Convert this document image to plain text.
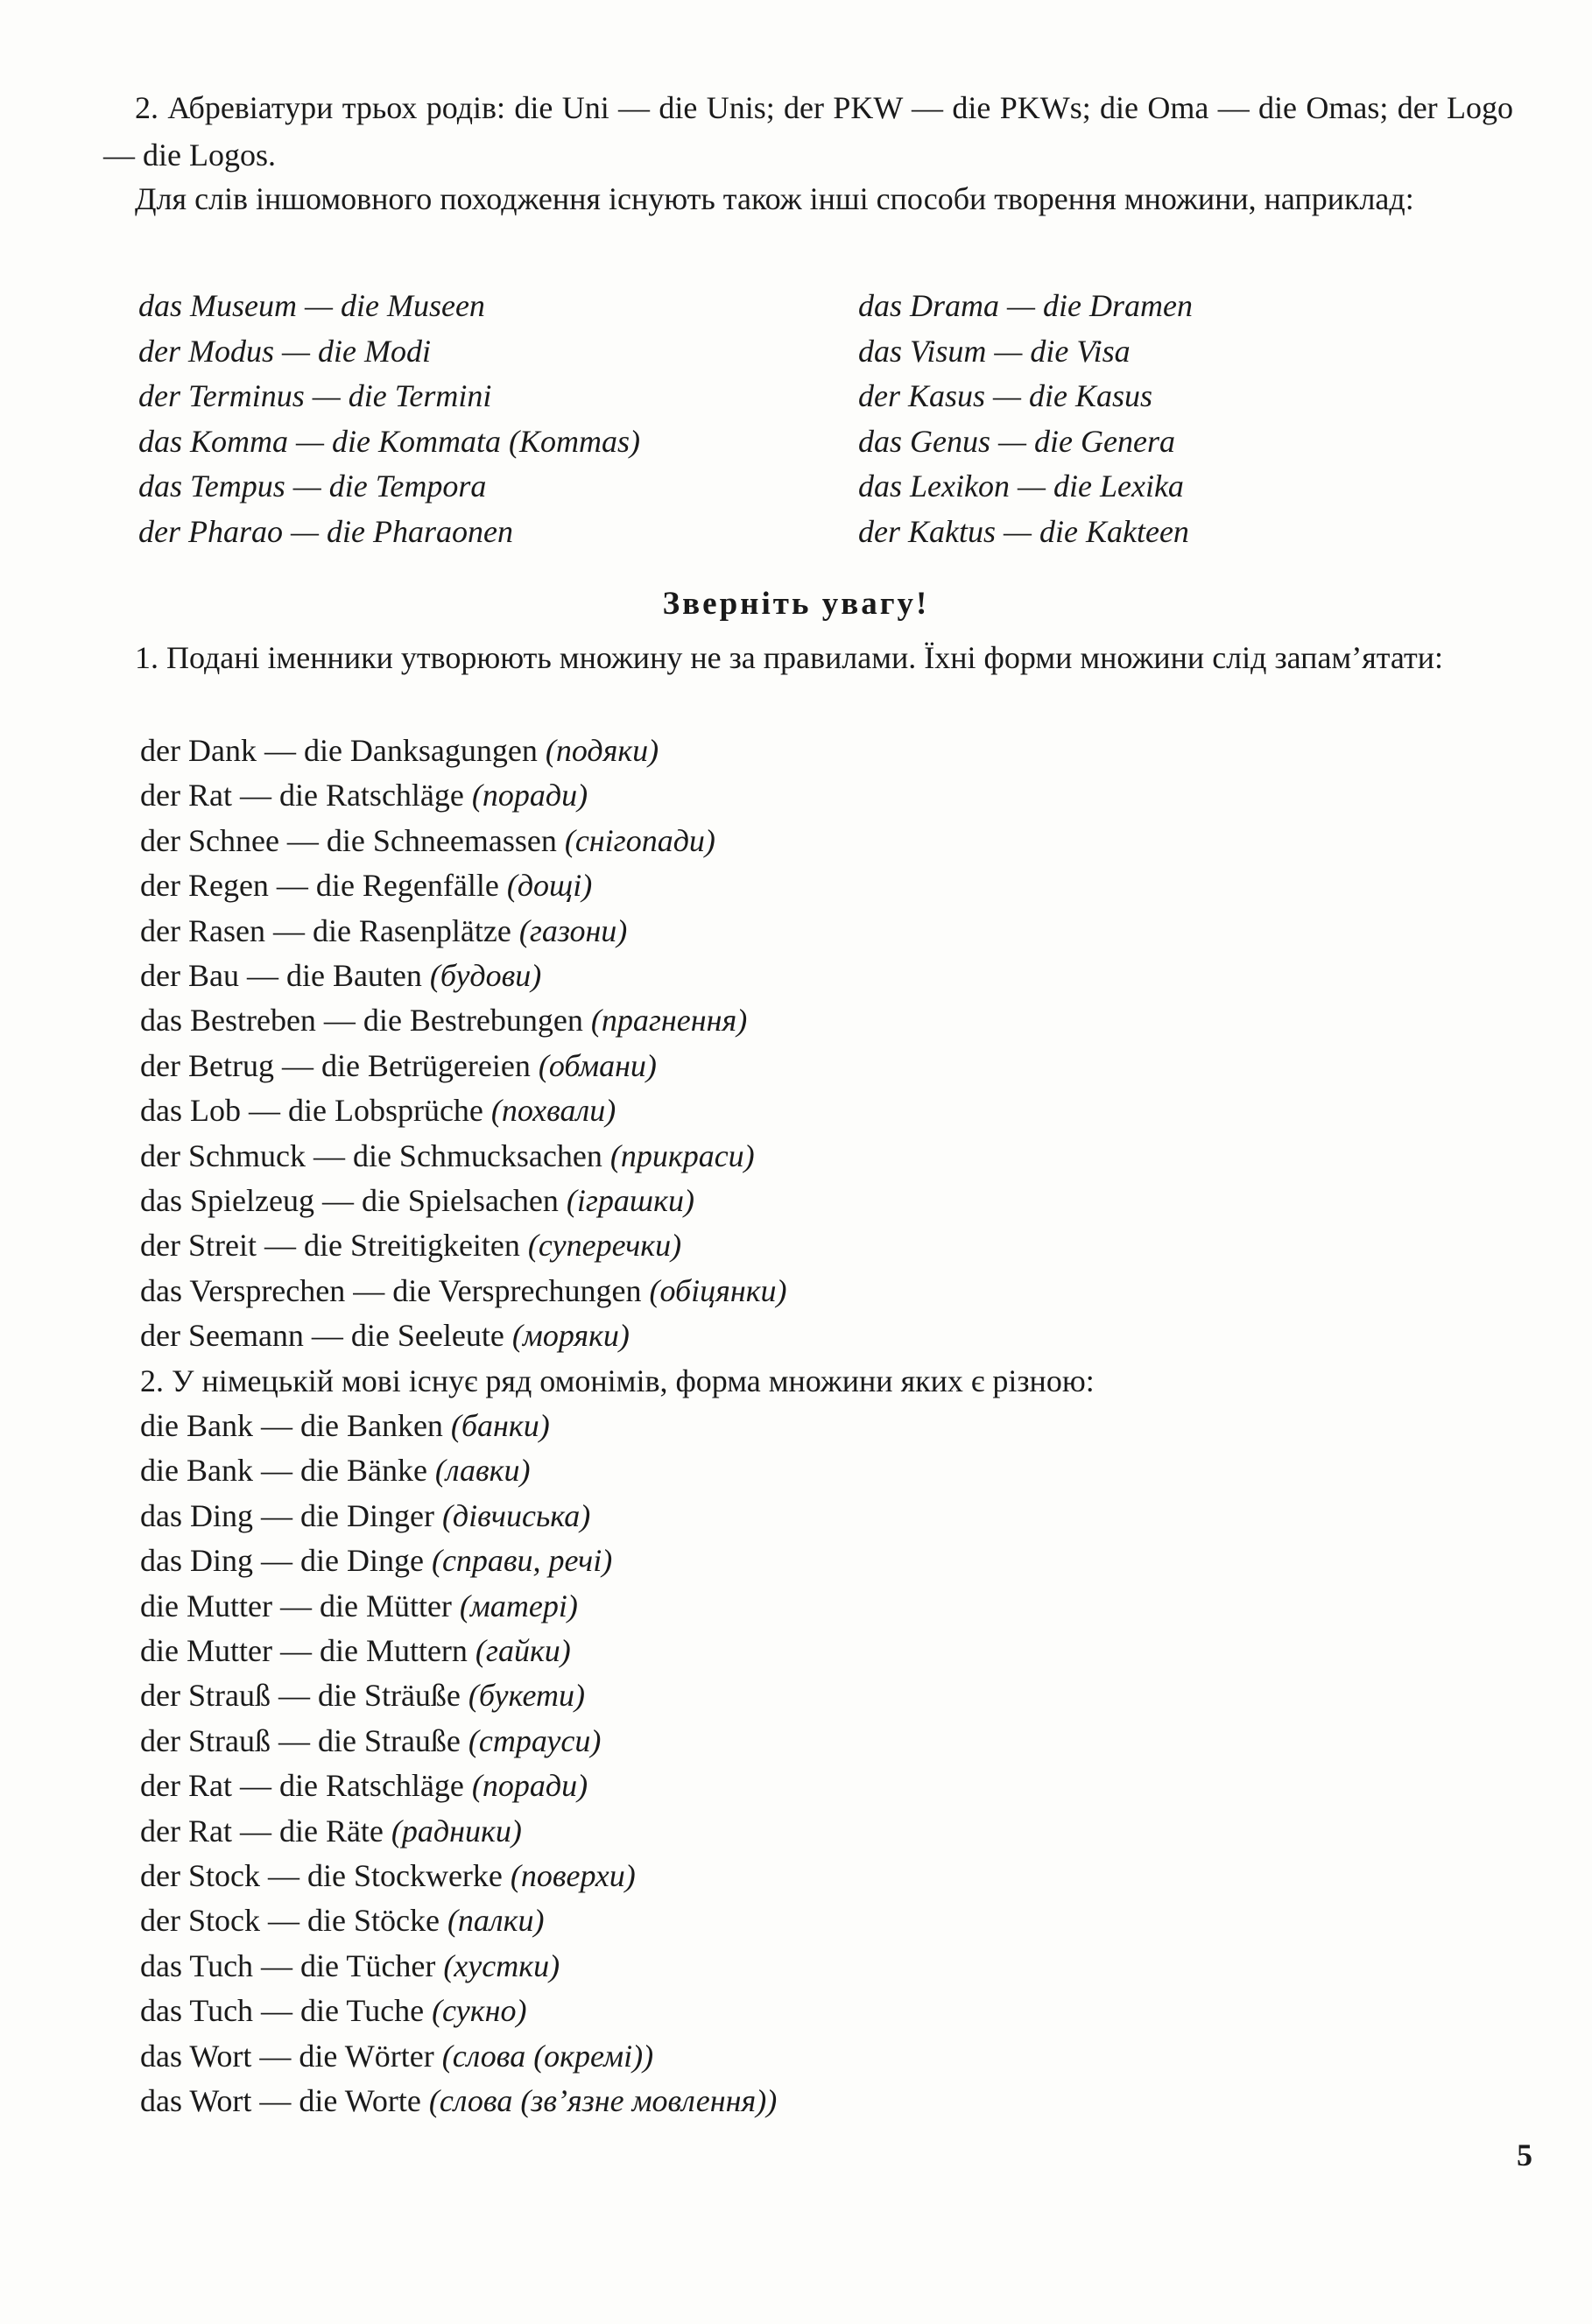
2. Абревіатури трьох родів: die Uni — die Unis; der PKW — die PKWs; die Oma — die Omas; der Logo — die Logos.

Для слів іншомовного походження існують також інші способи творення множини, наприклад:

das Museum — die Museen
der Modus — die Modi
der Terminus — die Termini
das Komma — die Kommata (Kommas)
das Tempus — die Tempora
der Pharao — die Pharaonen
das Drama — die Dramen
das Visum — die Visa
der Kasus — die Kasus
das Genus — die Genera
das Lexikon — die Lexika
der Kaktus — die Kakteen
Зверніть увагу!

1. Подані іменники утворюють множину не за правилами. Їхні форми множини слід запам’ятати:

der Dank — die Danksagungen (подяки)
der Rat — die Ratschläge (поради)
der Schnee — die Schneemassen (снігопади)
der Regen — die Regenfälle (дощі)
der Rasen — die Rasenplätze (газони)
der Bau — die Bauten (будови)
das Bestreben — die Bestrebungen (прагнення)
der Betrug — die Betrügereien (обмани)
das Lob — die Lobsprüche (похвали)
der Schmuck — die Schmucksachen (прикраси)
das Spielzeug — die Spielsachen (іграшки)
der Streit — die Streitigkeiten (суперечки)
das Versprechen — die Versprechungen (обіцянки)
der Seemann — die Seeleute (моряки)
2. У німецькій мові існує ряд омонімів, форма множини яких є різною:
die Bank — die Banken (банки)
die Bank — die Bänke (лавки)
das Ding — die Dinger (дівчиська)
das Ding — die Dinge (справи, речі)
die Mutter — die Mütter (матері)
die Mutter — die Muttern (гайки)
der Strauß — die Sträuße (букети)
der Strauß — die Strauße (страуси)
der Rat — die Ratschläge (поради)
der Rat — die Räte (радники)
der Stock — die Stockwerke (поверхи)
der Stock — die Stöcke (палки)
das Tuch — die Tücher (хустки)
das Tuch — die Tuche (сукно)
das Wort — die Wörter (слова (окремі))
das Wort — die Worte (слова (зв’язне мовлення))
5
